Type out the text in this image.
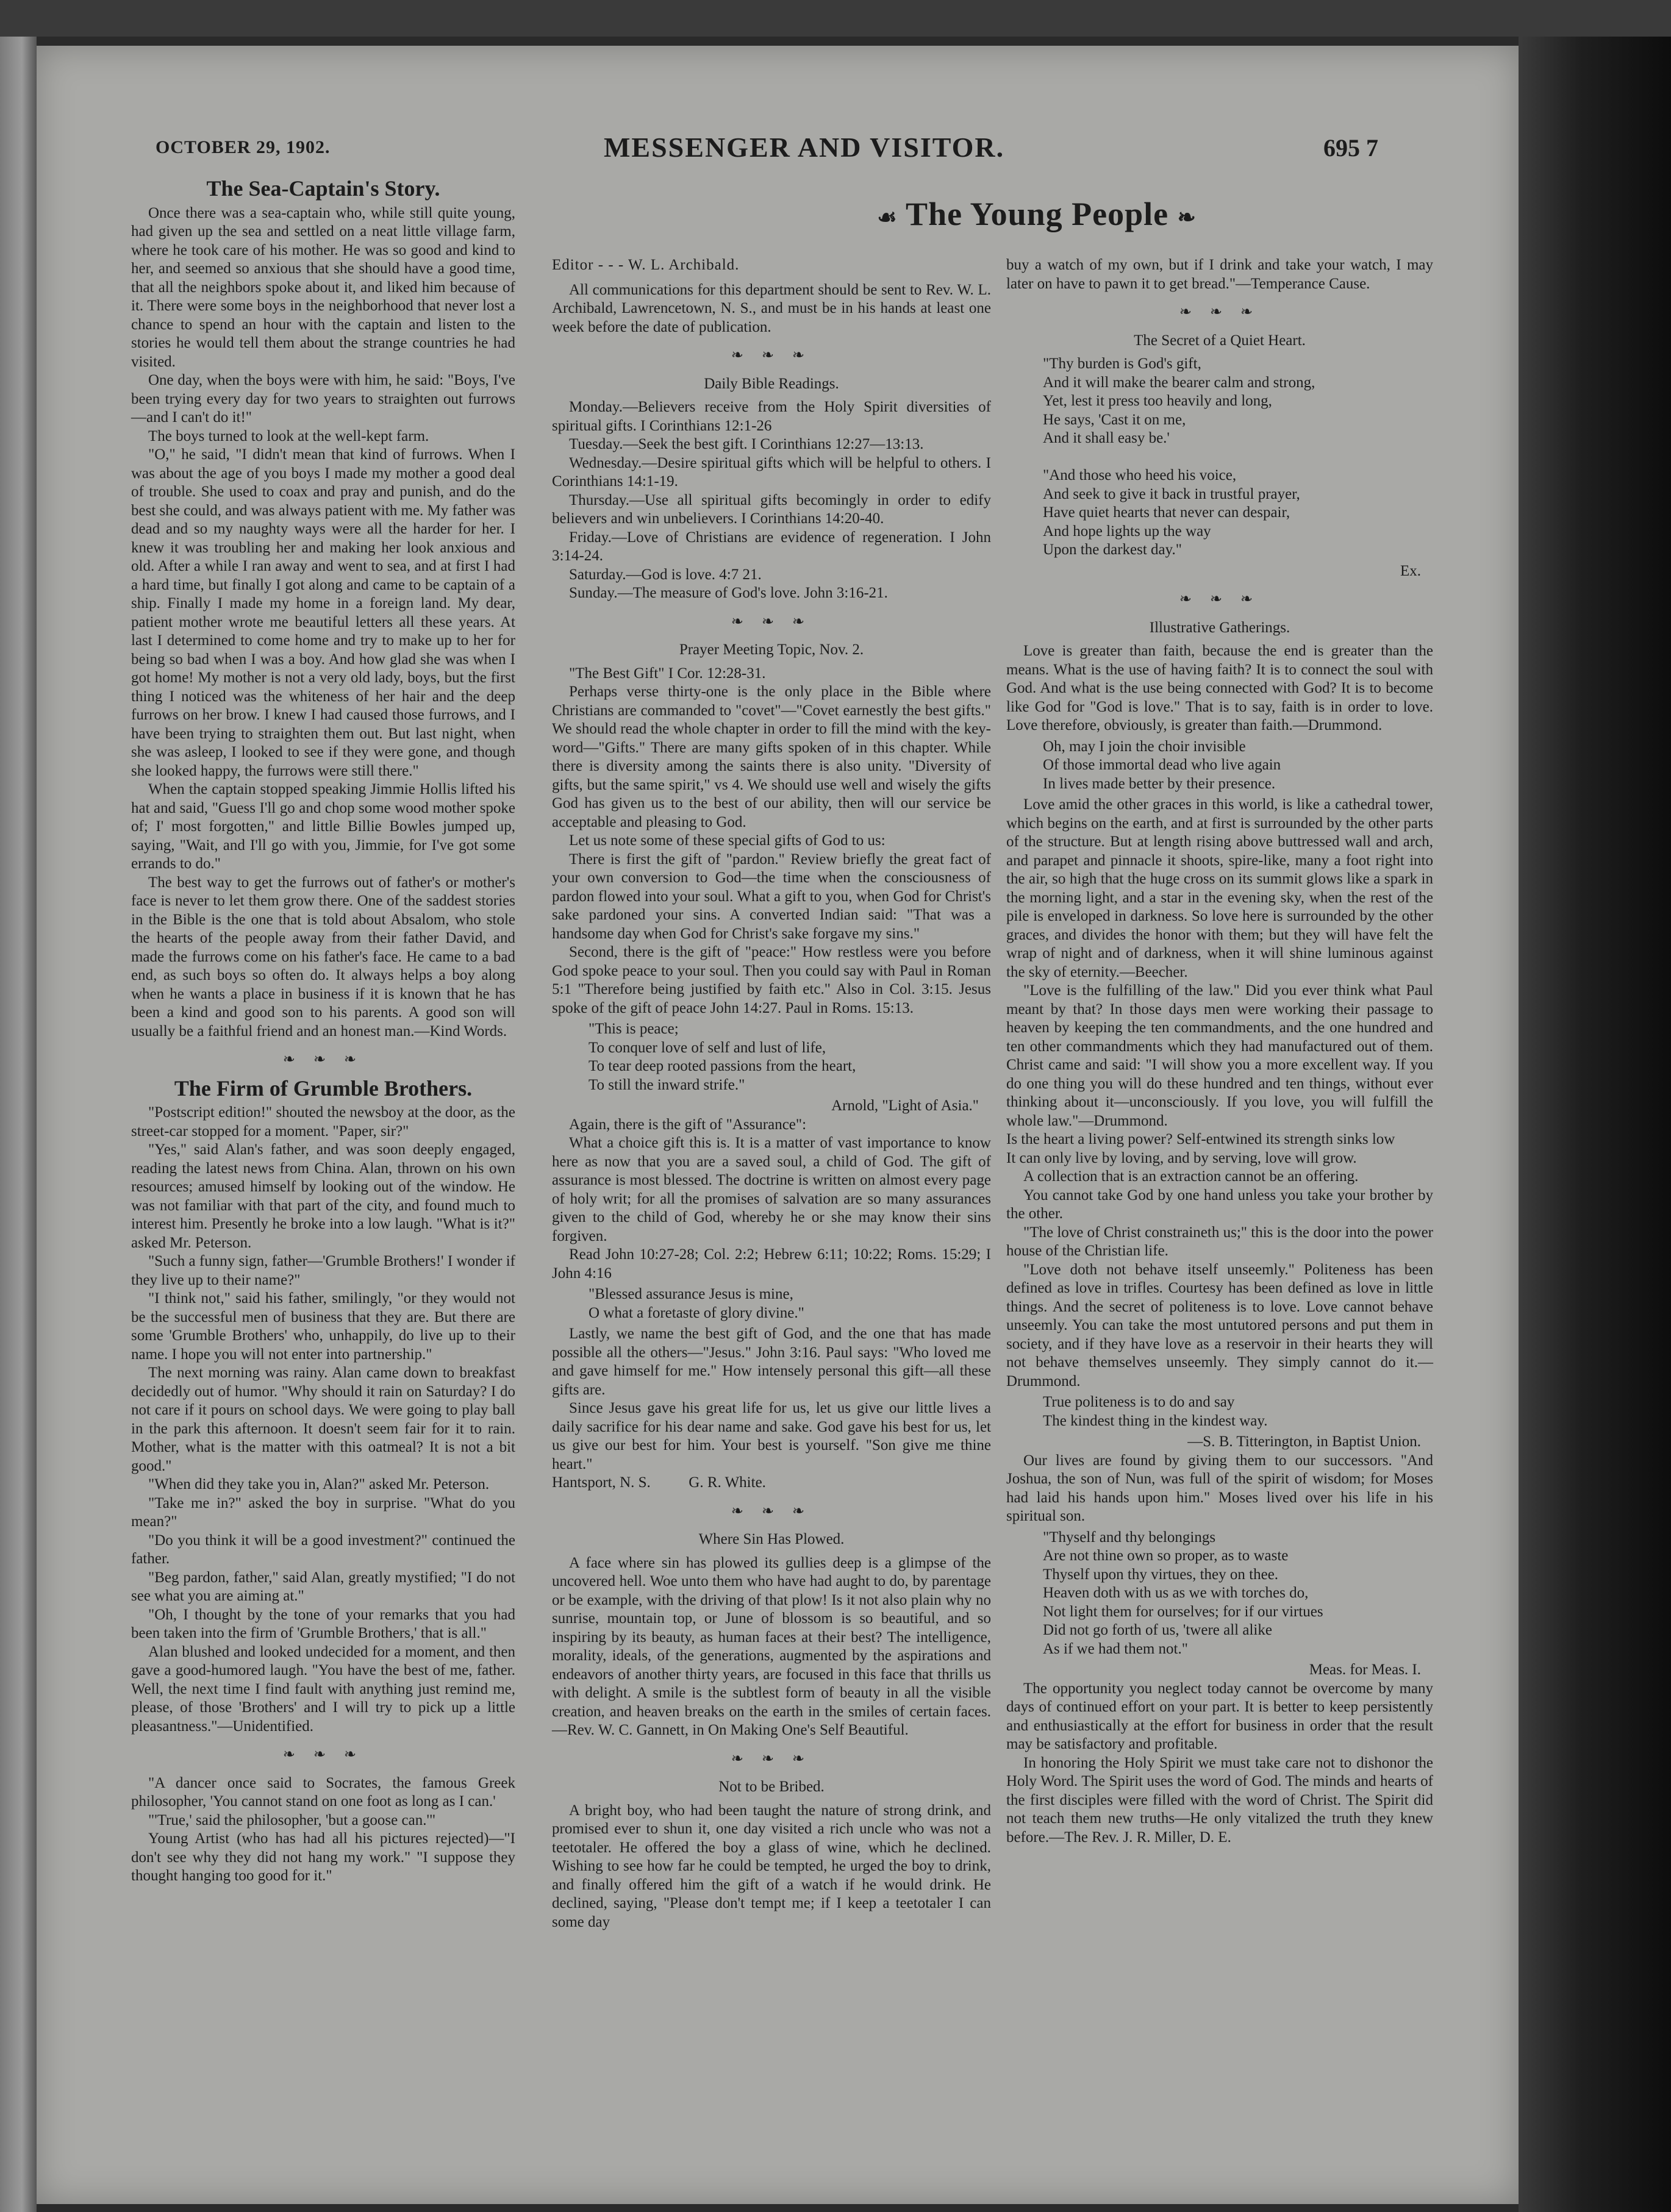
OCTOBER 29, 1902.	MESSENGER AND VISITOR.	695 7
☙ The Young People ❧
The Sea-Captain's Story.

Once there was a sea-captain who, while still quite young, had given up the sea and settled on a neat little village farm, where he took care of his mother. He was so good and kind to her, and seemed so anxious that she should have a good time, that all the neighbors spoke about it, and liked him because of it. There were some boys in the neighborhood that never lost a chance to spend an hour with the captain and listen to the stories he would tell them about the strange countries he had visited.

One day, when the boys were with him, he said: "Boys, I've been trying every day for two years to straighten out furrows—and I can't do it!"

The boys turned to look at the well-kept farm.

"O," he said, "I didn't mean that kind of furrows. When I was about the age of you boys I made my mother a good deal of trouble. She used to coax and pray and punish, and do the best she could, and was always patient with me. My father was dead and so my naughty ways were all the harder for her. I knew it was troubling her and making her look anxious and old. After a while I ran away and went to sea, and at first I had a hard time, but finally I got along and came to be captain of a ship. Finally I made my home in a foreign land. My dear, patient mother wrote me beautiful letters all these years. At last I determined to come home and try to make up to her for being so bad when I was a boy. And how glad she was when I got home! My mother is not a very old lady, boys, but the first thing I noticed was the whiteness of her hair and the deep furrows on her brow. I knew I had caused those furrows, and I have been trying to straighten them out. But last night, when she was asleep, I looked to see if they were gone, and though she looked happy, the furrows were still there."

When the captain stopped speaking Jimmie Hollis lifted his hat and said, "Guess I'll go and chop some wood mother spoke of; I' most forgotten," and little Billie Bowles jumped up, saying, "Wait, and I'll go with you, Jimmie, for I've got some errands to do."

The best way to get the furrows out of father's or mother's face is never to let them grow there. One of the saddest stories in the Bible is the one that is told about Absalom, who stole the hearts of the people away from their father David, and made the furrows come on his father's face. He came to a bad end, as such boys so often do. It always helps a boy along when he wants a place in business if it is known that he has been a kind and good son to his parents. A good son will usually be a faithful friend and an honest man.—Kind Words.

❧ ❧ ❧
The Firm of Grumble Brothers.

"Postscript edition!" shouted the newsboy at the door, as the street-car stopped for a moment. "Paper, sir?"

"Yes," said Alan's father, and was soon deeply engaged, reading the latest news from China. Alan, thrown on his own resources; amused himself by looking out of the window. He was not familiar with that part of the city, and found much to interest him. Presently he broke into a low laugh. "What is it?" asked Mr. Peterson.

"Such a funny sign, father—'Grumble Brothers!' I wonder if they live up to their name?"

"I think not," said his father, smilingly, "or they would not be the successful men of business that they are. But there are some 'Grumble Brothers' who, unhappily, do live up to their name. I hope you will not enter into partnership."

The next morning was rainy. Alan came down to breakfast decidedly out of humor. "Why should it rain on Saturday? I do not care if it pours on school days. We were going to play ball in the park this afternoon. It doesn't seem fair for it to rain. Mother, what is the matter with this oatmeal? It is not a bit good."

"When did they take you in, Alan?" asked Mr. Peterson.

"Take me in?" asked the boy in surprise. "What do you mean?"

"Do you think it will be a good investment?" continued the father.

"Beg pardon, father," said Alan, greatly mystified; "I do not see what you are aiming at."

"Oh, I thought by the tone of your remarks that you had been taken into the firm of 'Grumble Brothers,' that is all."

Alan blushed and looked undecided for a moment, and then gave a good-humored laugh. "You have the best of me, father. Well, the next time I find fault with anything just remind me, please, of those 'Brothers' and I will try to pick up a little pleasantness."—Unidentified.

❧ ❧ ❧

"A dancer once said to Socrates, the famous Greek philosopher, 'You cannot stand on one foot as long as I can.'

"'True,' said the philosopher, 'but a goose can.'"

Young Artist (who has had all his pictures rejected)—"I don't see why they did not hang my work." "I suppose they thought hanging too good for it."

Editor - - - W. L. Archibald.

All communications for this department should be sent to Rev. W. L. Archibald, Lawrencetown, N. S., and must be in his hands at least one week before the date of publication.

❧ ❧ ❧
Daily Bible Readings.

Monday.—Believers receive from the Holy Spirit diversities of spiritual gifts. I Corinthians 12:1-26

Tuesday.—Seek the best gift. I Corinthians 12:27—13:13.

Wednesday.—Desire spiritual gifts which will be helpful to others. I Corinthians 14:1-19.

Thursday.—Use all spiritual gifts becomingly in order to edify believers and win unbelievers. I Corinthians 14:20-40.

Friday.—Love of Christians are evidence of regeneration. I John 3:14-24.

Saturday.—God is love. 4:7 21.

Sunday.—The measure of God's love. John 3:16-21.

❧ ❧ ❧
Prayer Meeting Topic, Nov. 2.

"The Best Gift" I Cor. 12:28-31.

Perhaps verse thirty-one is the only place in the Bible where Christians are commanded to "covet"—"Covet earnestly the best gifts." We should read the whole chapter in order to fill the mind with the key-word—"Gifts." There are many gifts spoken of in this chapter. While there is diversity among the saints there is also unity. "Diversity of gifts, but the same spirit," vs 4. We should use well and wisely the gifts God has given us to the best of our ability, then will our service be acceptable and pleasing to God.

Let us note some of these special gifts of God to us:

There is first the gift of "pardon." Review briefly the great fact of your own conversion to God—the time when the consciousness of pardon flowed into your soul. What a gift to you, when God for Christ's sake pardoned your sins. A converted Indian said: "That was a handsome day when God for Christ's sake forgave my sins."

Second, there is the gift of "peace:" How restless were you before God spoke peace to your soul. Then you could say with Paul in Roman 5:1 "Therefore being justified by faith etc." Also in Col. 3:15. Jesus spoke of the gift of peace John 14:27. Paul in Roms. 15:13.

"This is peace;
To conquer love of self and lust of life,
To tear deep rooted passions from the heart,
To still the inward strife."

Arnold, "Light of Asia."

Again, there is the gift of "Assurance":

What a choice gift this is. It is a matter of vast importance to know here as now that you are a saved soul, a child of God. The gift of assurance is most blessed. The doctrine is written on almost every page of holy writ; for all the promises of salvation are so many assurances given to the child of God, whereby he or she may know their sins forgiven.

Read John 10:27-28; Col. 2:2; Hebrew 6:11; 10:22; Roms. 15:29; I John 4:16

"Blessed assurance Jesus is mine,
O what a foretaste of glory divine."

Lastly, we name the best gift of God, and the one that has made possible all the others—"Jesus." John 3:16. Paul says: "Who loved me and gave himself for me." How intensely personal this gift—all these gifts are.

Since Jesus gave his great life for us, let us give our little lives a daily sacrifice for his dear name and sake. God gave his best for us, let us give our best for him. Your best is yourself. "Son give me thine heart."

Hantsport, N. S.          G. R. White.

❧ ❧ ❧
Where Sin Has Plowed.

A face where sin has plowed its gullies deep is a glimpse of the uncovered hell. Woe unto them who have had aught to do, by parentage or be example, with the driving of that plow! Is it not also plain why no sunrise, mountain top, or June of blossom is so beautiful, and so inspiring by its beauty, as human faces at their best? The intelligence, morality, ideals, of the generations, augmented by the aspirations and endeavors of another thirty years, are focused in this face that thrills us with delight. A smile is the subtlest form of beauty in all the visible creation, and heaven breaks on the earth in the smiles of certain faces.—Rev. W. C. Gannett, in On Making One's Self Beautiful.

❧ ❧ ❧
Not to be Bribed.

A bright boy, who had been taught the nature of strong drink, and promised ever to shun it, one day visited a rich uncle who was not a teetotaler. He offered the boy a glass of wine, which he declined. Wishing to see how far he could be tempted, he urged the boy to drink, and finally offered him the gift of a watch if he would drink. He declined, saying, "Please don't tempt me; if I keep a teetotaler I can some day

buy a watch of my own, but if I drink and take your watch, I may later on have to pawn it to get bread."—Temperance Cause.

❧ ❧ ❧
The Secret of a Quiet Heart.

"Thy burden is God's gift,
And it will make the bearer calm and strong,
Yet, lest it press too heavily and long,
He says, 'Cast it on me,
And it shall easy be.'

"And those who heed his voice,
And seek to give it back in trustful prayer,
Have quiet hearts that never can despair,
And hope lights up the way
Upon the darkest day."

Ex.

❧ ❧ ❧
Illustrative Gatherings.

Love is greater than faith, because the end is greater than the means. What is the use of having faith? It is to connect the soul with God. And what is the use being connected with God? It is to become like God for "God is love." That is to say, faith is in order to love. Love therefore, obviously, is greater than faith.—Drummond.

Oh, may I join the choir invisible
Of those immortal dead who live again
In lives made better by their presence.

Love amid the other graces in this world, is like a cathedral tower, which begins on the earth, and at first is surrounded by the other parts of the structure. But at length rising above buttressed wall and arch, and parapet and pinnacle it shoots, spire-like, many a foot right into the air, so high that the huge cross on its summit glows like a spark in the morning light, and a star in the evening sky, when the rest of the pile is enveloped in darkness. So love here is surrounded by the other graces, and divides the honor with them; but they will have felt the wrap of night and of darkness, when it will shine luminous against the sky of eternity.—Beecher.

"Love is the fulfilling of the law." Did you ever think what Paul meant by that? In those days men were working their passage to heaven by keeping the ten commandments, and the one hundred and ten other commandments which they had manufactured out of them. Christ came and said: "I will show you a more excellent way. If you do one thing you will do these hundred and ten things, without ever thinking about it—unconsciously. If you love, you will fulfill the whole law."—Drummond.

Is the heart a living power? Self-entwined its strength sinks low

It can only live by loving, and by serving, love will grow.

A collection that is an extraction cannot be an offering.

You cannot take God by one hand unless you take your brother by the other.

"The love of Christ constraineth us;" this is the door into the power house of the Christian life.

"Love doth not behave itself unseemly." Politeness has been defined as love in trifles. Courtesy has been defined as love in little things. And the secret of politeness is to love. Love cannot behave unseemly. You can take the most untutored persons and put them in society, and if they have love as a reservoir in their hearts they will not behave themselves unseemly. They simply cannot do it.—Drummond.

True politeness is to do and say
The kindest thing in the kindest way.

—S. B. Titterington, in Baptist Union.

Our lives are found by giving them to our successors. "And Joshua, the son of Nun, was full of the spirit of wisdom; for Moses had laid his hands upon him." Moses lived over his life in his spiritual son.

"Thyself and thy belongings
Are not thine own so proper, as to waste
Thyself upon thy virtues, they on thee.
Heaven doth with us as we with torches do,
Not light them for ourselves; for if our virtues
Did not go forth of us, 'twere all alike
As if we had them not."

Meas. for Meas. I.

The opportunity you neglect today cannot be overcome by many days of continued effort on your part. It is better to keep persistently and enthusiastically at the effort for business in order that the result may be satisfactory and profitable.

In honoring the Holy Spirit we must take care not to dishonor the Holy Word. The Spirit uses the word of God. The minds and hearts of the first disciples were filled with the word of Christ. The Spirit did not teach them new truths—He only vitalized the truth they knew before.—The Rev. J. R. Miller, D. E.
